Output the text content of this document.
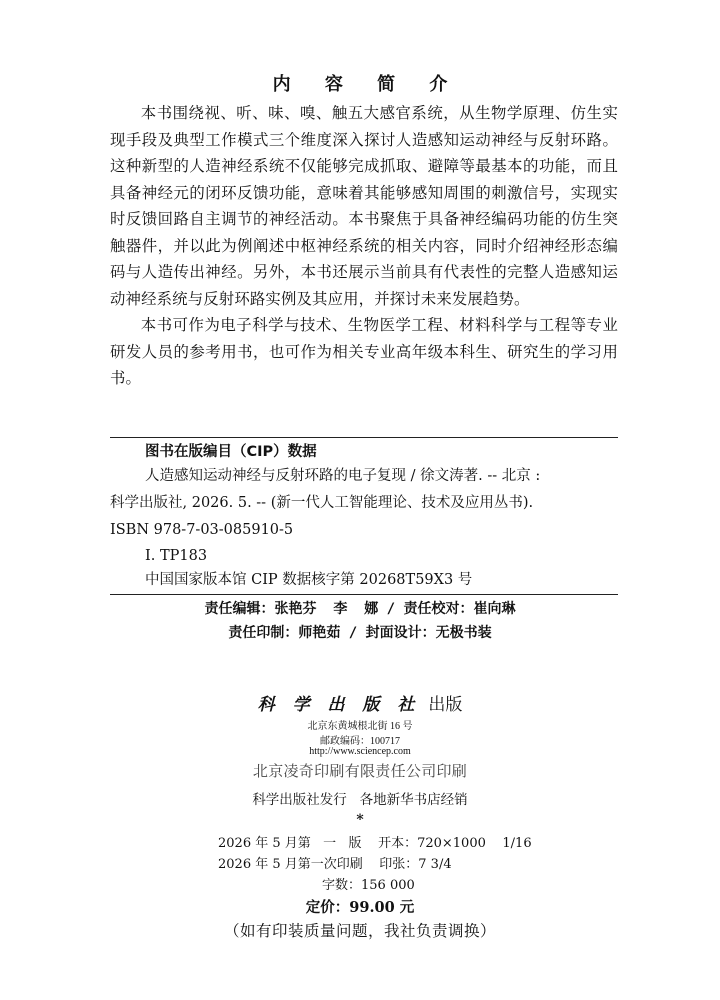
内 容 简 介

本书围绕视、听、味、嗅、触五大感官系统，从生物学原理、仿生实现手段及典型工作模式三个维度深入探讨人造感知运动神经与反射环路。这种新型的人造神经系统不仅能够完成抓取、避障等最基本的功能，而且具备神经元的闭环反馈功能，意味着其能够感知周围的刺激信号，实现实时反馈回路自主调节的神经活动。本书聚焦于具备神经编码功能的仿生突触器件，并以此为例阐述中枢神经系统的相关内容，同时介绍神经形态编码与人造传出神经。另外，本书还展示当前具有代表性的完整人造感知运动神经系统与反射环路实例及其应用，并探讨未来发展趋势。

本书可作为电子科学与技术、生物医学工程、材料科学与工程等专业研发人员的参考用书，也可作为相关专业高年级本科生、研究生的学习用书。

图书在版编目（CIP）数据
人造感知运动神经与反射环路的电子复现 / 徐文涛著. -- 北京 :
科学出版社, 2026. 5. -- (新一代人工智能理论、技术及应用丛书).
ISBN 978-7-03-085910-5
Ⅰ. TP183
中国国家版本馆 CIP 数据核字第 20268T59X3 号
责任编辑：张艳芬  李  娜 / 责任校对：崔向琳
责任印制：师艳茹 / 封面设计：无极书装
科 学 出 版 社 出版
北京东黄城根北街 16 号
邮政编码：100717
http://www.sciencep.com
北京凌奇印刷有限责任公司印刷
科学出版社发行   各地新华书店经销
*
2026 年 5 月第   一   版    开本：720×1000    1/16
2026 年 5 月第一次印刷    印张：7 3/4
字数：156 000
定价：99.00 元
（如有印装质量问题，我社负责调换）
